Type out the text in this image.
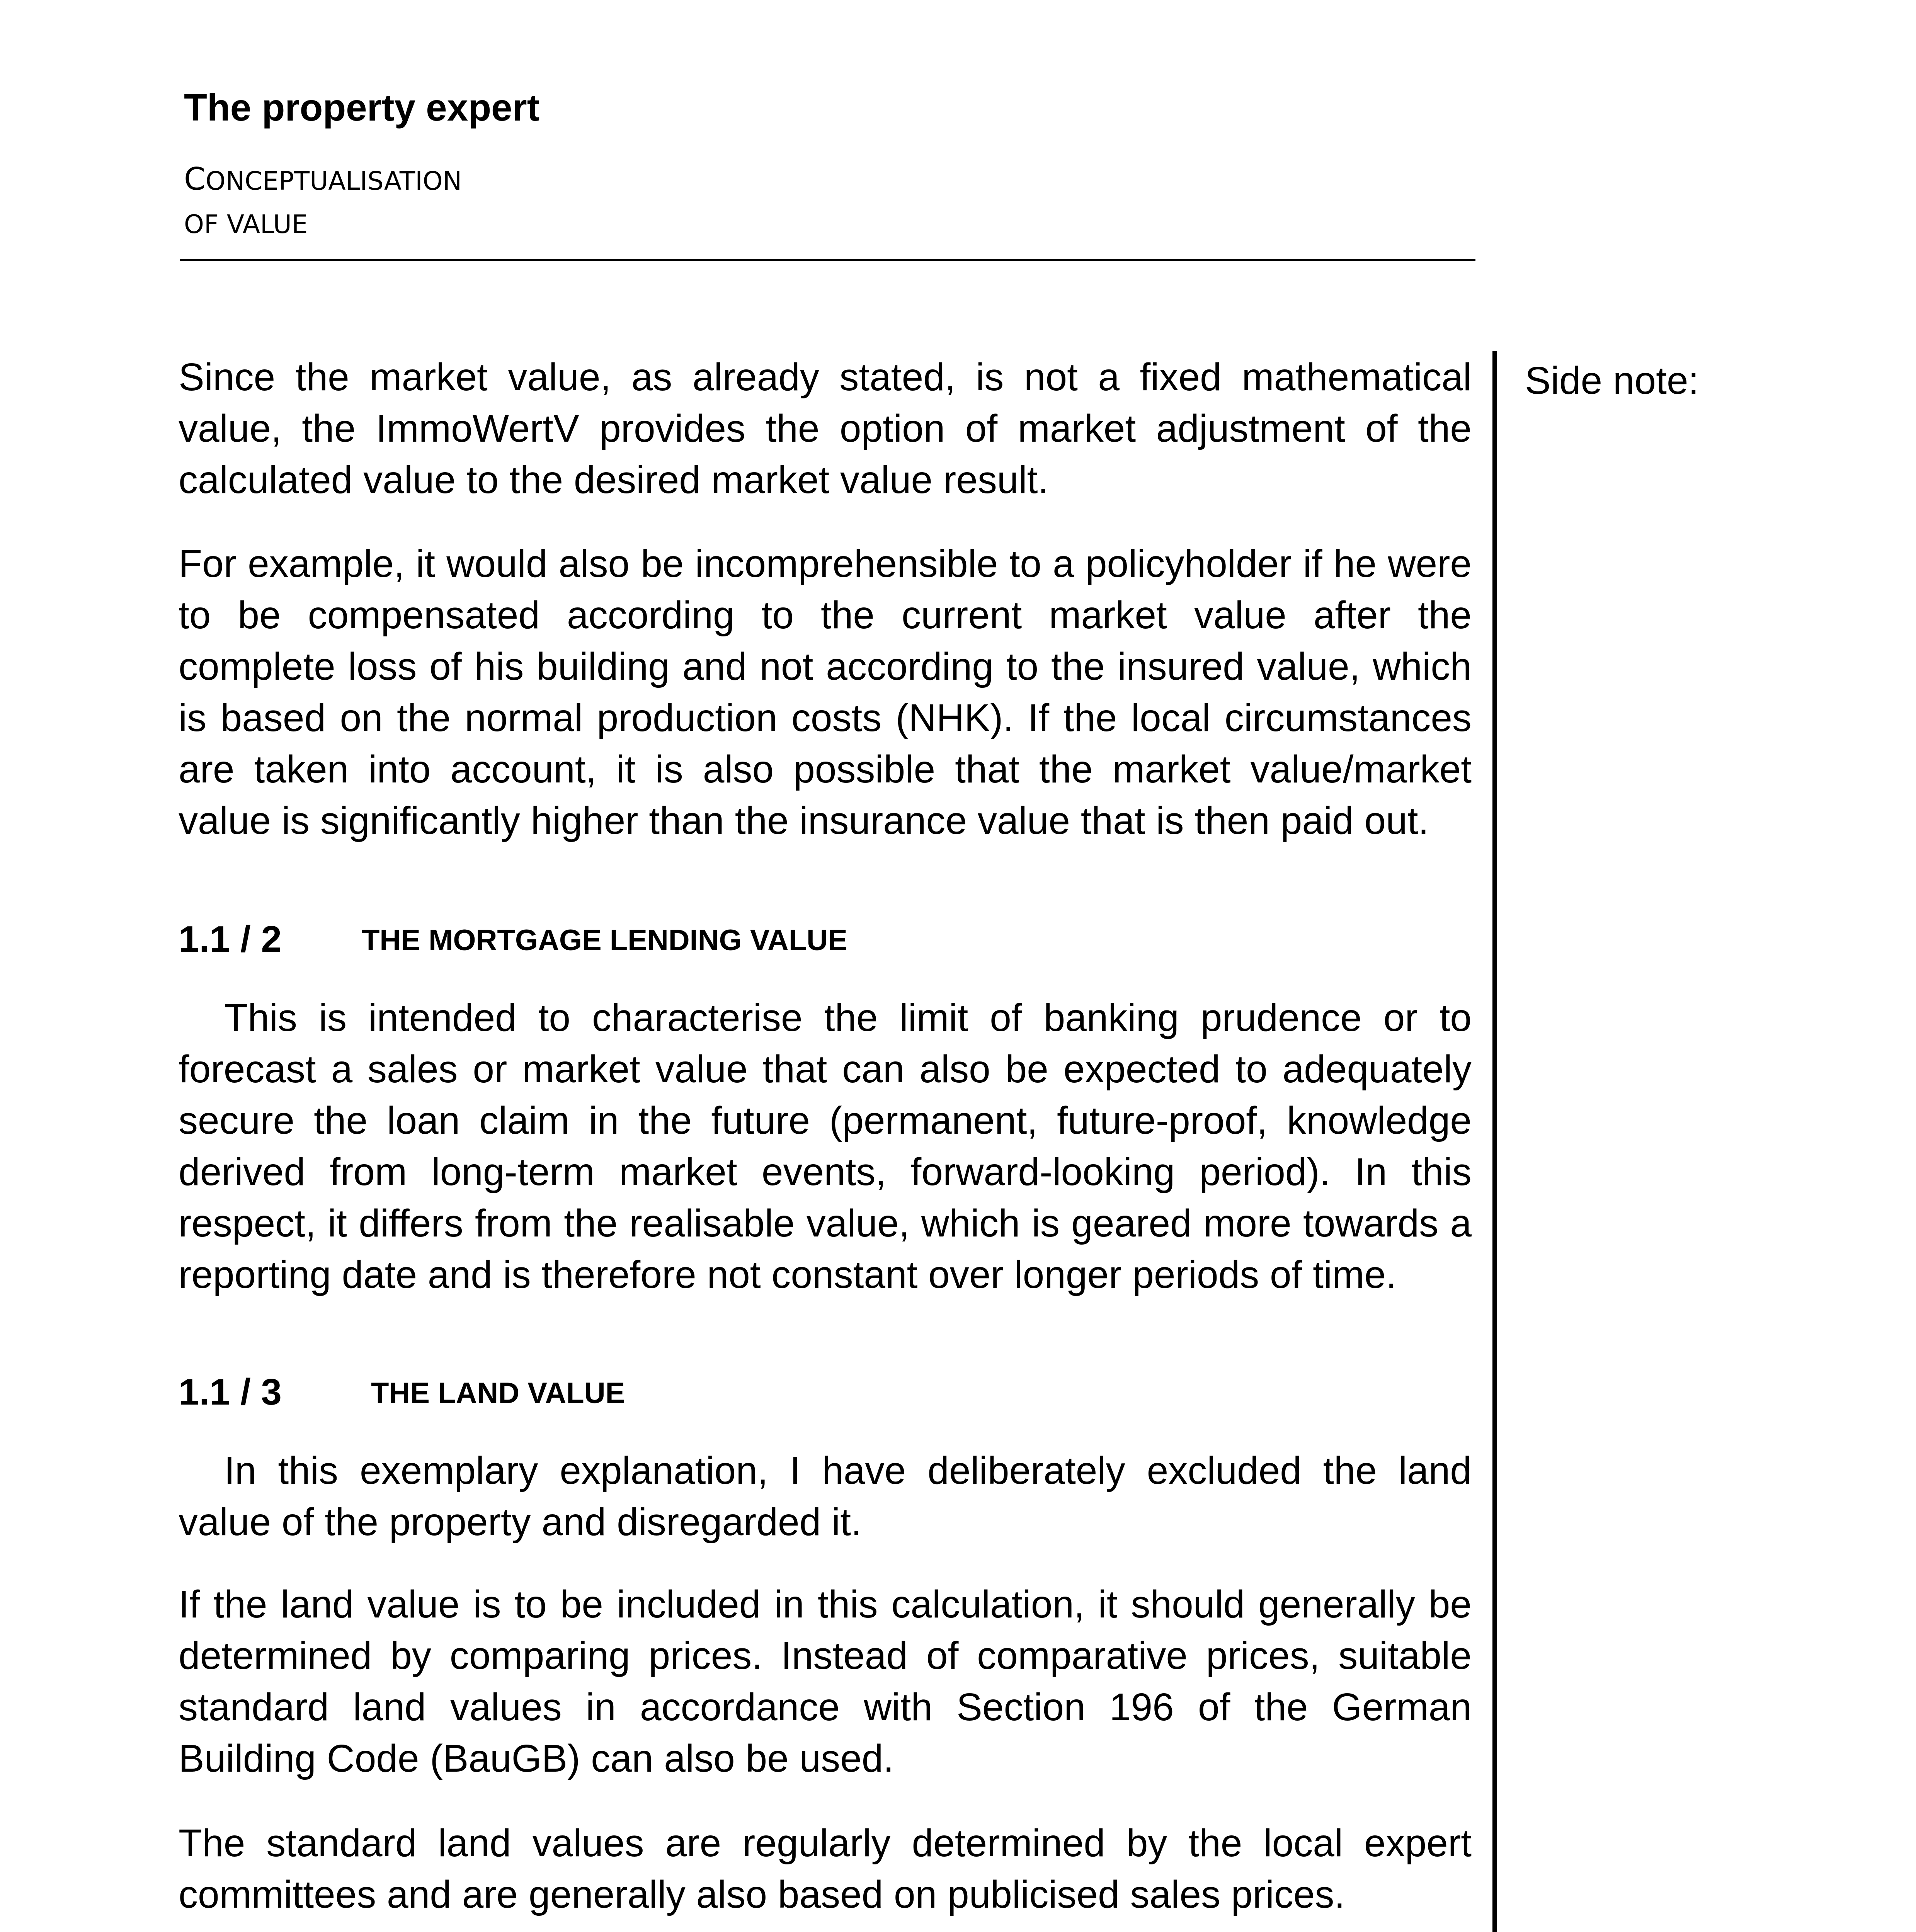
The property expert
CONCEPTUALISATION
OF VALUE
Side note:

Since the market value, as already stated, is not a fixed mathematical value, the ImmoWertV provides the option of market adjustment of the calculated value to the desired market value result.

For example, it would also be incomprehensible to a policyholder if he were to be compensated according to the current market value after the complete loss of his building and not according to the insured value, which is based on the normal production costs (NHK). If the local circumstances are taken into account, it is also possible that the market value/market value is significantly higher than the insurance value that is then paid out.

1.1 / 2	THE MORTGAGE LENDING VALUE

This is intended to characterise the limit of banking prudence or to forecast a sales or market value that can also be expected to adequately secure the loan claim in the future (permanent, future-proof, knowledge derived from long-term market events, forward-looking period). In this respect, it differs from the realisable value, which is geared more towards a reporting date and is therefore not constant over longer periods of time.

1.1 / 3	THE LAND VALUE

In this exemplary explanation, I have deliberately excluded the land value of the property and disregarded it.

If the land value is to be included in this calculation, it should generally be determined by comparing prices. Instead of comparative prices, suitable standard land values in accordance with Section 196 of the German Building Code (BauGB) can also be used.

The standard land values are regularly determined by the local expert committees and are generally also based on publicised sales prices.
